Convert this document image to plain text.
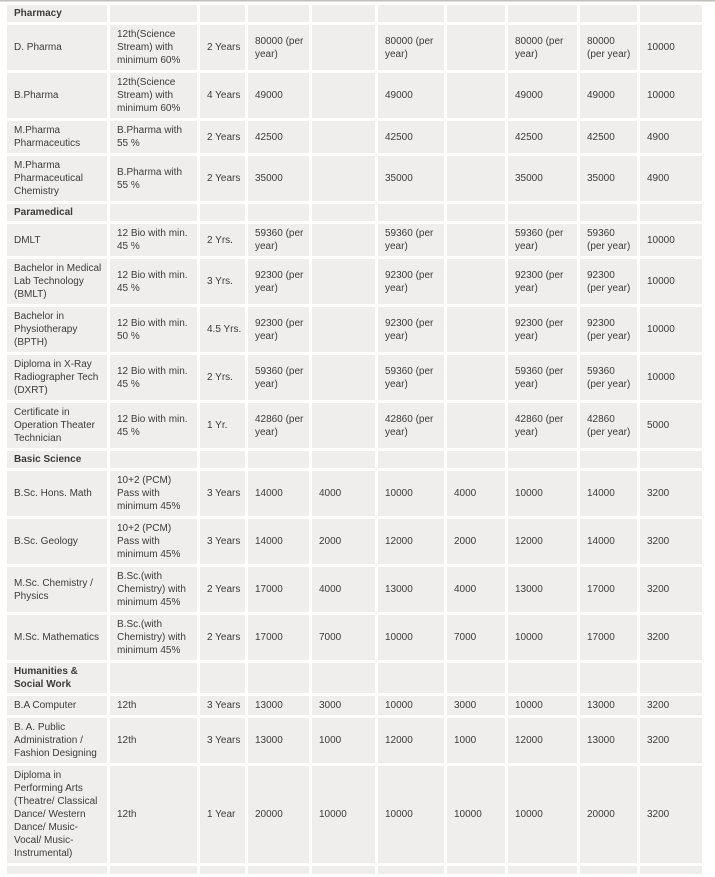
Pharmacy									
D. Pharma	12th(Science Stream) with minimum 60%	2 Years	80000 (per year)		80000 (per year)		80000 (per year)	80000 (per year)	10000
B.Pharma	12th(Science Stream) with minimum 60%	4 Years	49000		49000		49000	49000	10000
M.Pharma Pharmaceutics	B.Pharma with 55 %	2 Years	42500		42500		42500	42500	4900
M.Pharma Pharmaceutical Chemistry	B.Pharma with 55 %	2 Years	35000		35000		35000	35000	4900
Paramedical									
DMLT	12 Bio with min. 45 %	2 Yrs.	59360 (per year)		59360 (per year)		59360 (per year)	59360 (per year)	10000
Bachelor in Medical Lab Technology (BMLT)	12 Bio with min. 45 %	3 Yrs.	92300 (per year)		92300 (per year)		92300 (per year)	92300 (per year)	10000
Bachelor in Physiotherapy (BPTH)	12 Bio with min. 50 %	4.5 Yrs.	92300 (per year)		92300 (per year)		92300 (per year)	92300 (per year)	10000
Diploma in X-Ray Radiographer Tech (DXRT)	12 Bio with min. 45 %	2 Yrs.	59360 (per year)		59360 (per year)		59360 (per year)	59360 (per year)	10000
Certificate in Operation Theater Technician	12 Bio with min. 45 %	1 Yr.	42860 (per year)		42860 (per year)		42860 (per year)	42860 (per year)	5000
Basic Science									
B.Sc. Hons. Math	10+2 (PCM) Pass with minimum 45%	3 Years	14000	4000	10000	4000	10000	14000	3200
B.Sc. Geology	10+2 (PCM) Pass with minimum 45%	3 Years	14000	2000	12000	2000	12000	14000	3200
M.Sc. Chemistry / Physics	B.Sc.(with Chemistry) with minimum 45%	2 Years	17000	4000	13000	4000	13000	17000	3200
M.Sc. Mathematics	B.Sc.(with Chemistry) with minimum 45%	2 Years	17000	7000	10000	7000	10000	17000	3200
Humanities & Social Work									
B.A Computer	12th	3 Years	13000	3000	10000	3000	10000	13000	3200
B. A. Public Administration / Fashion Designing	12th	3 Years	13000	1000	12000	1000	12000	13000	3200
Diploma in Performing Arts (Theatre/ Classical Dance/ Western Dance/ Music- Vocal/ Music- Instrumental)	12th	1 Year	20000	10000	10000	10000	10000	20000	3200
